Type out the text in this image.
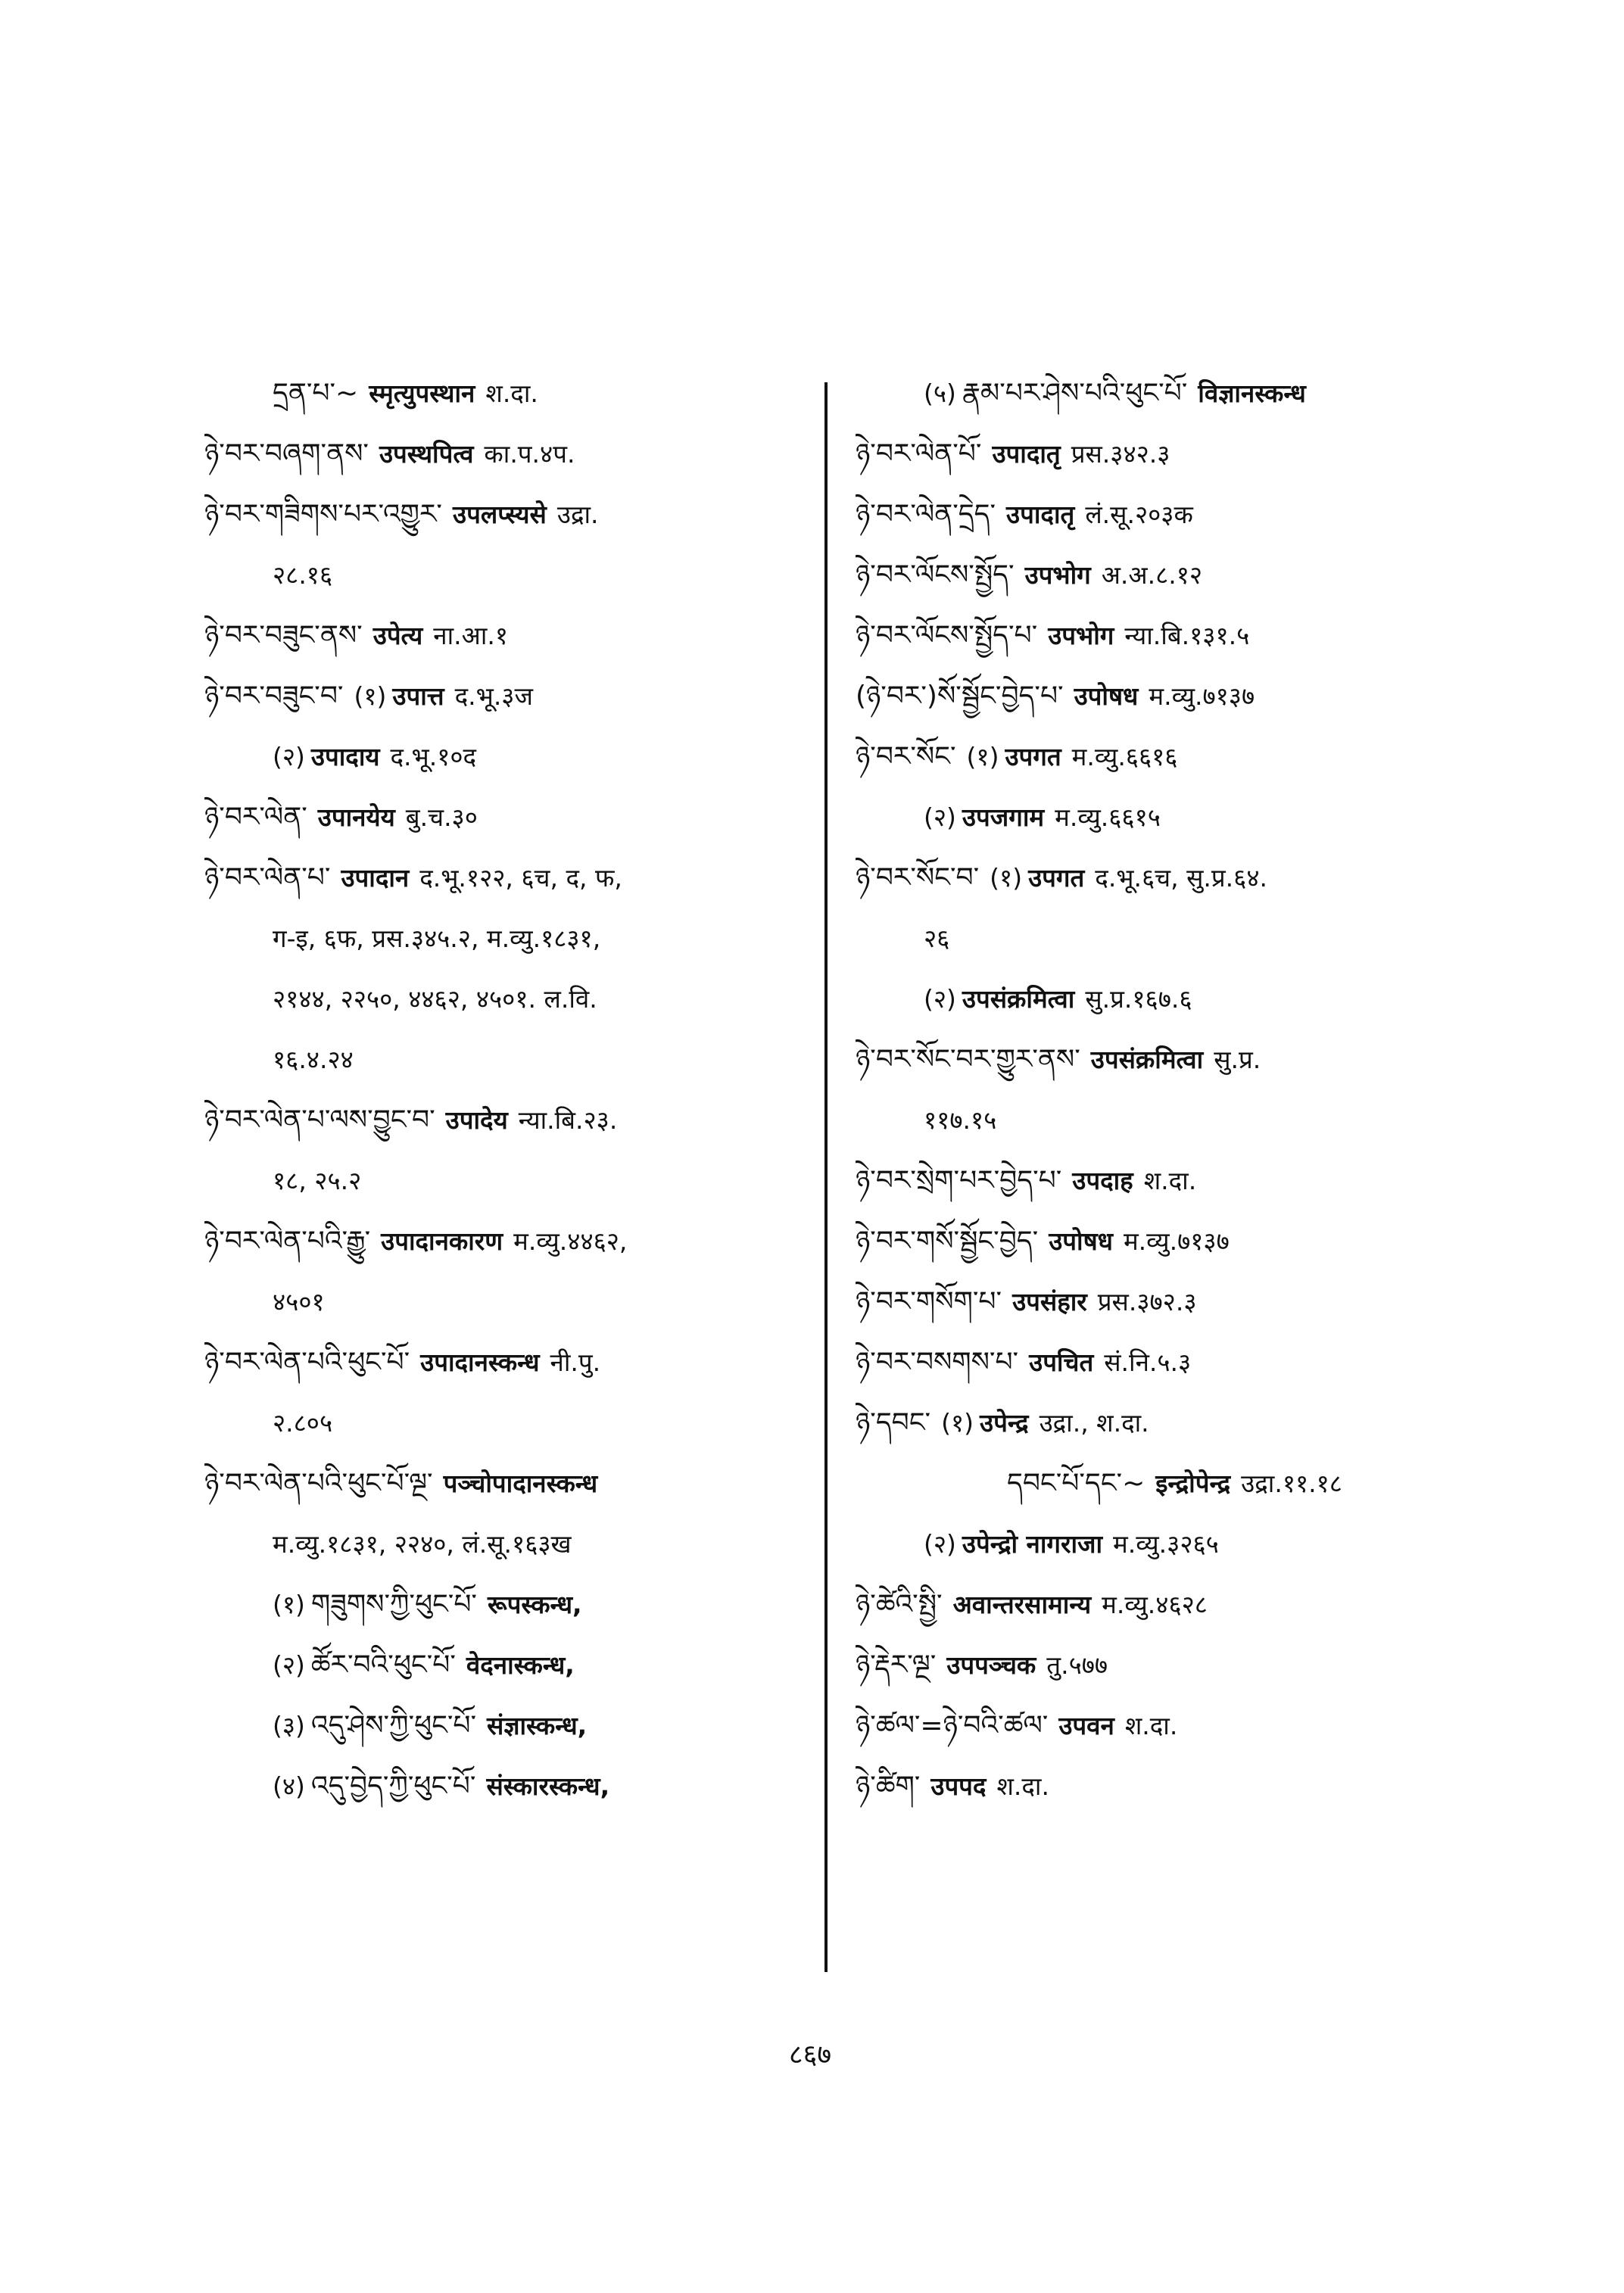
དྲན་པ་~ स्मृत्युपस्थान श.दा.
ཉེ་བར་བཞག་ནས་ उपस्थपित्व का.प.४प.
ཉེ་བར་གཟིགས་པར་འགྱུར་ उपलप्स्यसे उद्रा.
२८.१६
ཉེ་བར་བཟུང་ནས་ उपेत्य ना.आ.१
ཉེ་བར་བཟུང་བ་ (१) उपात्त द.भू.३ज
(२) उपादाय द.भू.१०द
ཉེ་བར་ལེན་ उपानयेय बु.च.३०
ཉེ་བར་ལེན་པ་ उपादान द.भू.१२२, ६च, द, फ,
ग-इ, ६फ, प्रस.३४५.२, म.व्यु.१८३१,
२१४४, २२५०, ४४६२, ४५०१. ल.वि.
१६.४.२४
ཉེ་བར་ལེན་པ་ལས་བྱུང་བ་ उपादेय न्या.बि.२३.
१८, २५.२
ཉེ་བར་ལེན་པའི་རྒྱུ་ उपादानकारण म.व्यु.४४६२,
४५०१
ཉེ་བར་ལེན་པའི་ཕུང་པོ་ उपादानस्कन्ध नी.पु.
२.८०५
ཉེ་བར་ལེན་པའི་ཕུང་པོ་ལྔ་ पञ्चोपादानस्कन्ध
म.व्यु.१८३१, २२४०, लं.सू.१६३ख
(१) གཟུགས་ཀྱི་ཕུང་པོ་ रूपस्कन्ध,
(२) ཚོར་བའི་ཕུང་པོ་ वेदनास्कन्ध,
(३) འདུ་ཤེས་ཀྱི་ཕུང་པོ་ संज्ञास्कन्ध,
(४) འདུ་བྱེད་ཀྱི་ཕུང་པོ་ संस्कारस्कन्ध,
(५) རྣམ་པར་ཤེས་པའི་ཕུང་པོ་ विज्ञानस्कन्ध
ཉེ་བར་ལེན་པོ་ उपादातृ प्रस.३४२.३
ཉེ་བར་ལེན་དྲེད་ उपादातृ लं.सू.२०३क
ཉེ་བར་ལོངས་སྤྱོད་ उपभोग अ.अ.८.१२
ཉེ་བར་ལོངས་སྤྱོད་པ་ उपभोग न्या.बि.१३१.५
(ཉེ་བར་)སོ་སྦྱོང་བྱེད་པ་ उपोषध म.व्यु.७१३७
ཉེ་བར་སོང་ (१) उपगत म.व्यु.६६१६
(२) उपजगाम म.व्यु.६६१५
ཉེ་བར་སོང་བ་ (१) उपगत द.भू.६च, सु.प्र.६४.
२६
(२) उपसंक्रमित्वा सु.प्र.१६७.६
ཉེ་བར་སོང་བར་གྱུར་ནས་ उपसंक्रमित्वा सु.प्र.
११७.१५
ཉེ་བར་སྲེག་པར་བྱེད་པ་ उपदाह श.दा.
ཉེ་བར་གསོ་སྦྱོང་བྱེད་ उपोषध म.व्यु.७१३७
ཉེ་བར་གསོག་པ་ उपसंहार प्रस.३७२.३
ཉེ་བར་བསགས་པ་ उपचित सं.नि.५.३
ཉེ་དབང་ (१) उपेन्द्र उद्रा., श.दा.
དབང་པོ་དང་~ इन्द्रोपेन्द्र उद्रा.११.१८
(२) उपेन्द्रो नागराजा म.व्यु.३२६५
ཉེ་ཚེའི་སྤྱི་ अवान्तरसामान्य म.व्यु.४६२८
ཉེ་རྡེར་ལྔ་ उपपञ्चक तु.५७७
ཉེ་ཚལ་=ཉེ་བའི་ཚལ་ उपवन श.दा.
ཉེ་ཚིག་ उपपद श.दा.
८६७
